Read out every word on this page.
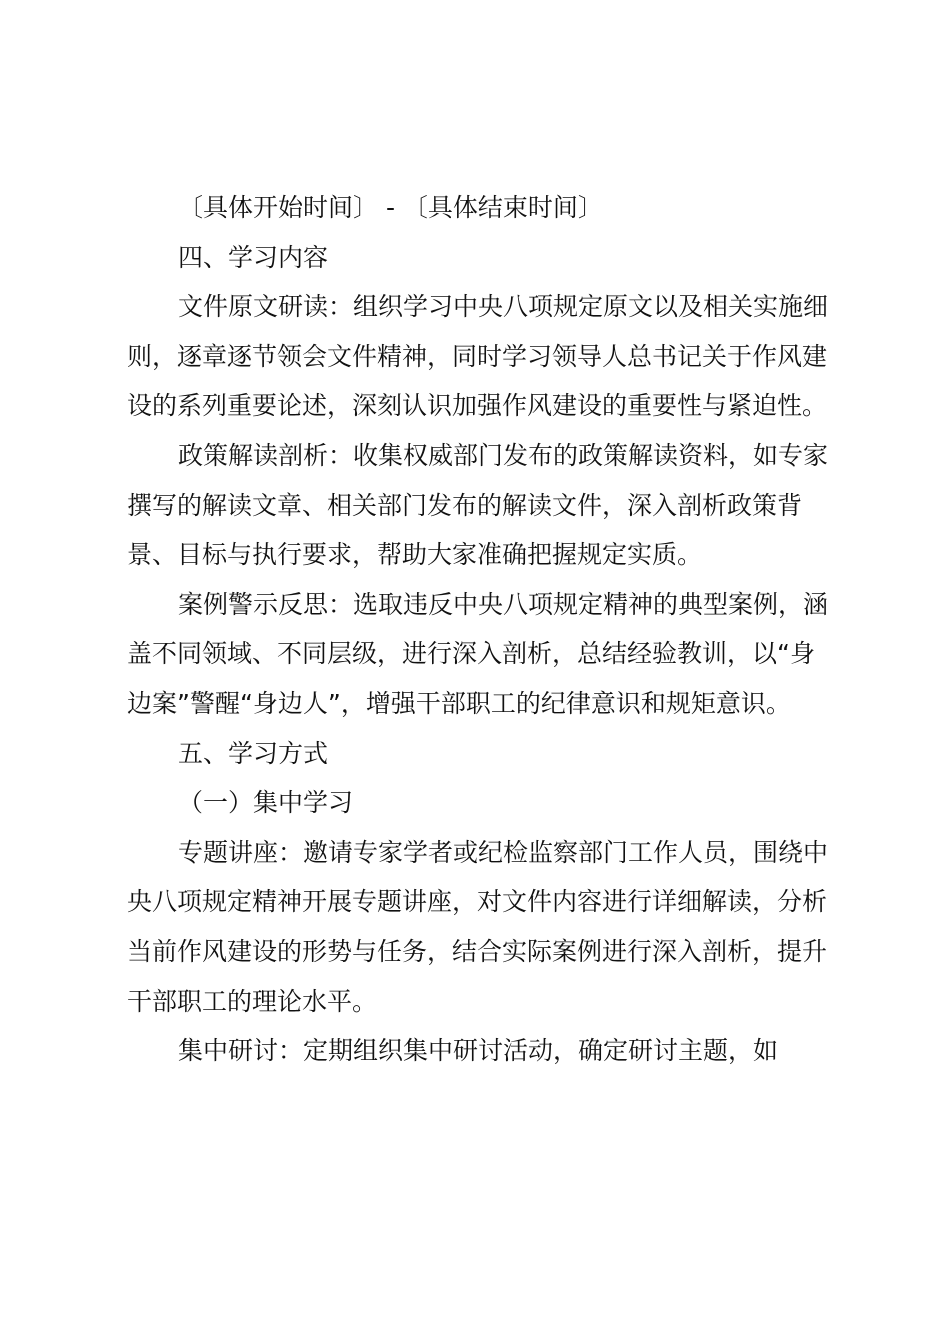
〔具体开始时间〕 - 〔具体结束时间〕

四、学习内容

文件原文研读：组织学习中央八项规定原文以及相关实施细则，逐章逐节领会文件精神，同时学习领导人总书记关于作风建设的系列重要论述，深刻认识加强作风建设的重要性与紧迫性。

政策解读剖析：收集权威部门发布的政策解读资料，如专家撰写的解读文章、相关部门发布的解读文件，深入剖析政策背景、目标与执行要求，帮助大家准确把握规定实质。

案例警示反思：选取违反中央八项规定精神的典型案例，涵盖不同领域、不同层级，进行深入剖析，总结经验教训，以“身边案”警醒“身边人”，增强干部职工的纪律意识和规矩意识。

五、学习方式

（一）集中学习

专题讲座：邀请专家学者或纪检监察部门工作人员，围绕中央八项规定精神开展专题讲座，对文件内容进行详细解读，分析当前作风建设的形势与任务，结合实际案例进行深入剖析，提升干部职工的理论水平。

集中研讨：定期组织集中研讨活动，确定研讨主题，如
